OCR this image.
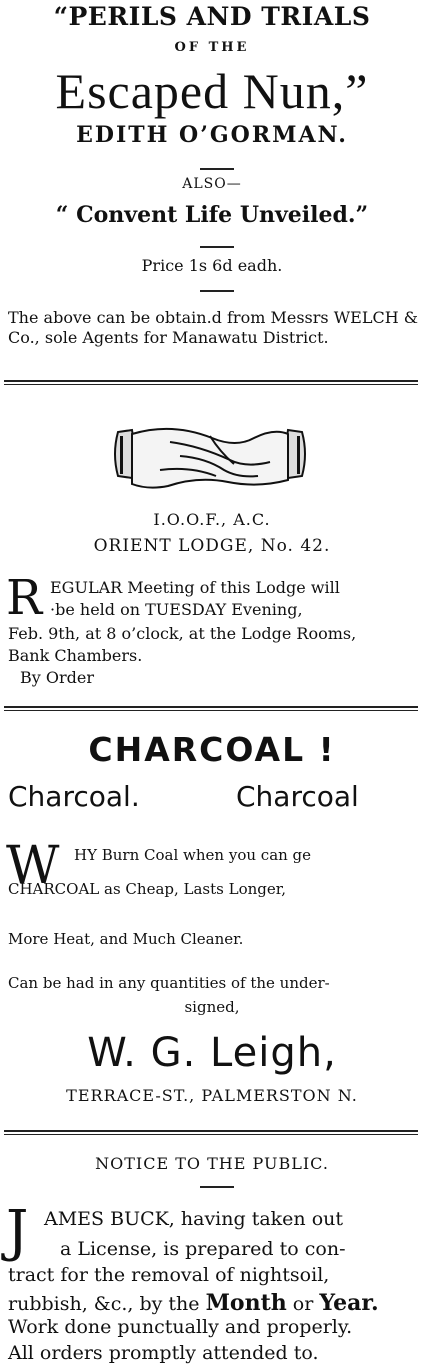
“PERILS AND TRIALS
OF THE
Escaped Nun,”
EDITH O’GORMAN.
ALSO—
“ Convent Life Unveiled.”
Price 1s 6d eadh.
The above can be obtain.d from Messrs WELCH & Co., sole Agents for Manawatu District.
I.O.O.F., A.C.
ORIENT LODGE, No. 42.
R EGULAR Meeting of this Lodge will
·be held on TUESDAY Evening,
Feb. 9th, at 8 o’clock, at the Lodge Rooms,
Bank Chambers.
By Order
CHARCOAL !
Charcoal.	Charcoal
W HY Burn Coal when you can ge
CHARCOAL as Cheap, Lasts Longer,
More Heat, and Much Cleaner.
Can be had in any quantities of the under-
signed,
W. G. Leigh,
TERRACE-ST., PALMERSTON N.
NOTICE TO THE PUBLIC.
J AMES BUCK, having taken out
a License, is prepared to con-
tract for the removal of nightsoil,
rubbish, &c., by the Month or Year.
Work done punctually and properly.
All orders promptly attended to.
